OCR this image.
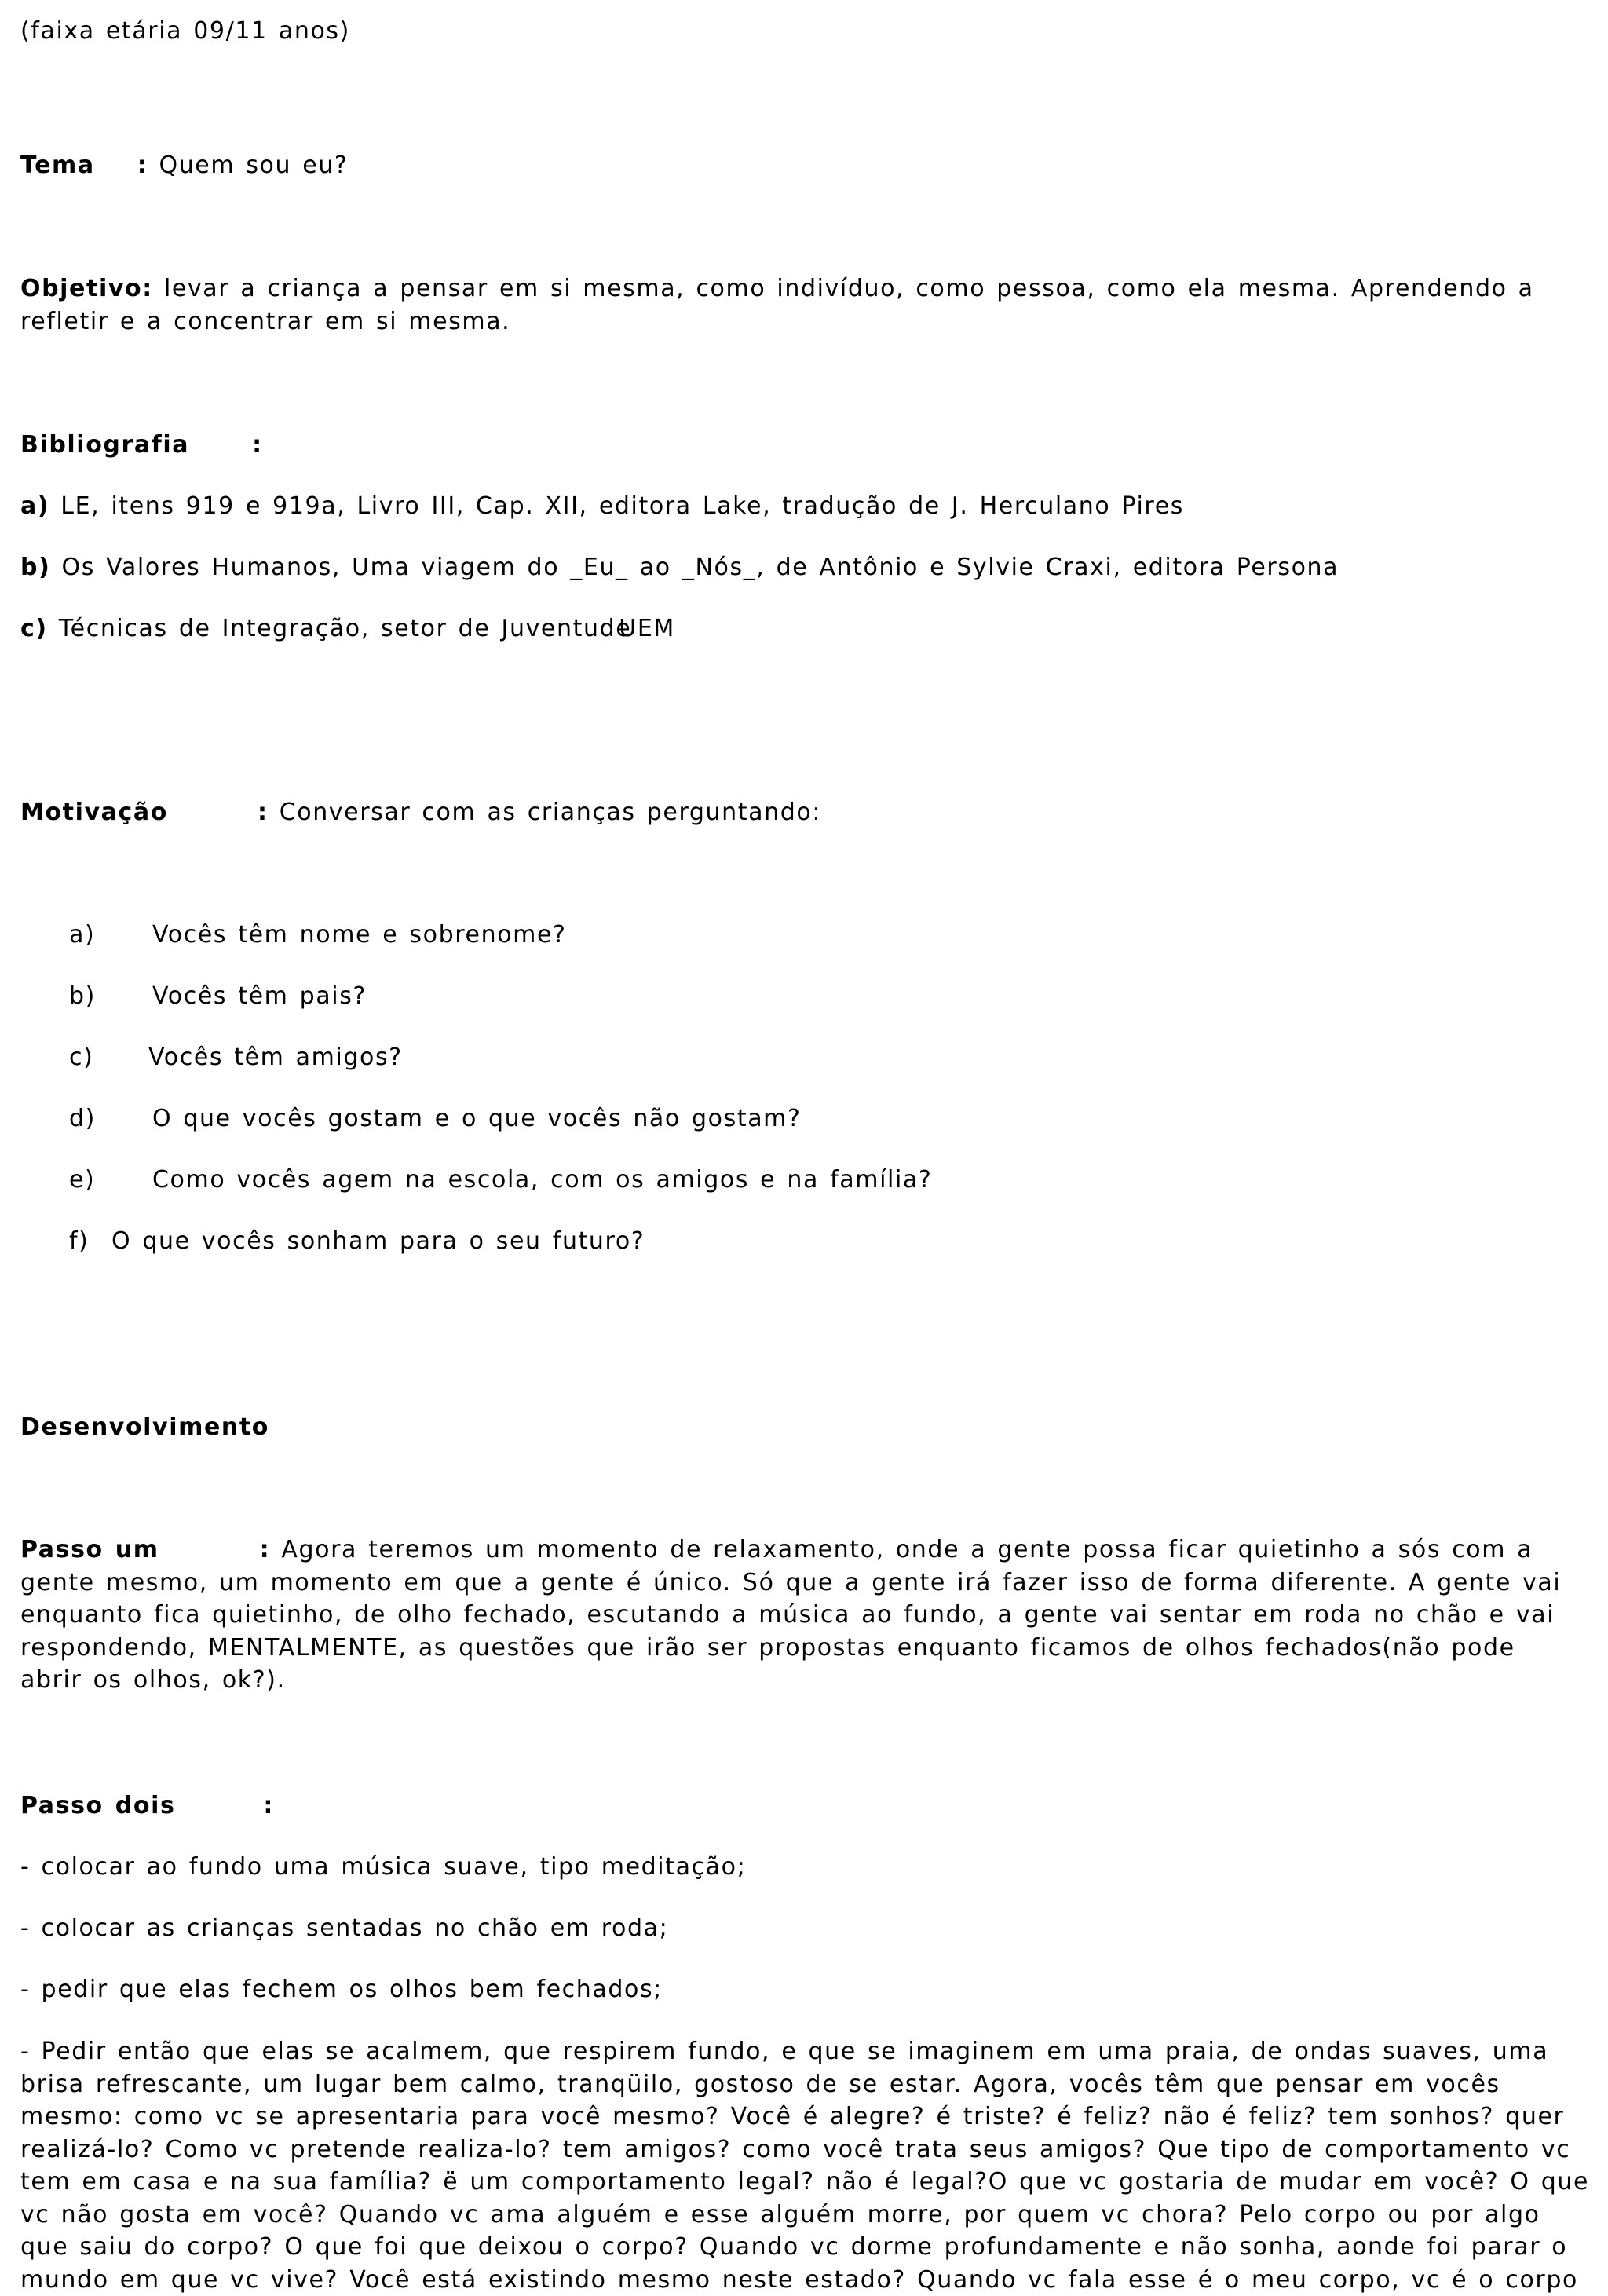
(faixa etária 09/11 anos)
Tema : Quem sou eu?
Objetivo: levar a criança a pensar em si mesma, como indivíduo, como pessoa, como ela mesma. Aprendendo a
refletir e a concentrar em si mesma.
Bibliografia	:
a) LE, itens 919 e 919a, Livro III, Cap. XII, editora Lake, tradução de J. Herculano Pires
b) Os Valores Humanos, Uma viagem do _Eu_ ao _Nós_, de Antônio e Sylvie Craxi, editora Persona
c) Técnicas de Integração, setor de JuventudeUEM
Motivação	: Conversar com as crianças perguntando:
a) Vocês têm nome e sobrenome?
b) Vocês têm pais?
c) Vocês têm amigos?
d) O que vocês gostam e o que vocês não gostam?
e) Como vocês agem na escola, com os amigos e na família?
f) O que vocês sonham para o seu futuro?
Desenvolvimento
Passo um	: Agora teremos um momento de relaxamento, onde a gente possa ficar quietinho a sós com a
gente mesmo, um momento em que a gente é único. Só que a gente irá fazer isso de forma diferente. A gente vai
enquanto fica quietinho, de olho fechado, escutando a música ao fundo, a gente vai sentar em roda no chão e vai
respondendo, MENTALMENTE, as questões que irão ser propostas enquanto ficamos de olhos fechados(não pode
abrir os olhos, ok?).
Passo dois	:
- colocar ao fundo uma música suave, tipo meditação;
- colocar as crianças sentadas no chão em roda;
- pedir que elas fechem os olhos bem fechados;
- Pedir então que elas se acalmem, que respirem fundo, e que se imaginem em uma praia, de ondas suaves, uma
brisa refrescante, um lugar bem calmo, tranqüilo, gostoso de se estar. Agora, vocês têm que pensar em vocês
mesmo: como vc se apresentaria para você mesmo? Você é alegre? é triste? é feliz? não é feliz? tem sonhos? quer
realizá-lo? Como vc pretende realiza-lo? tem amigos? como você trata seus amigos? Que tipo de comportamento vc
tem em casa e na sua família? ë um comportamento legal? não é legal?O que vc gostaria de mudar em você? O que
vc não gosta em você? Quando vc ama alguém e esse alguém morre, por quem vc chora? Pelo corpo ou por algo
que saiu do corpo? O que foi que deixou o corpo? Quando vc dorme profundamente e não sonha, aonde foi parar o
mundo em que vc vive? Você está existindo mesmo neste estado? Quando vc fala esse é o meu corpo, vc é o corpo
